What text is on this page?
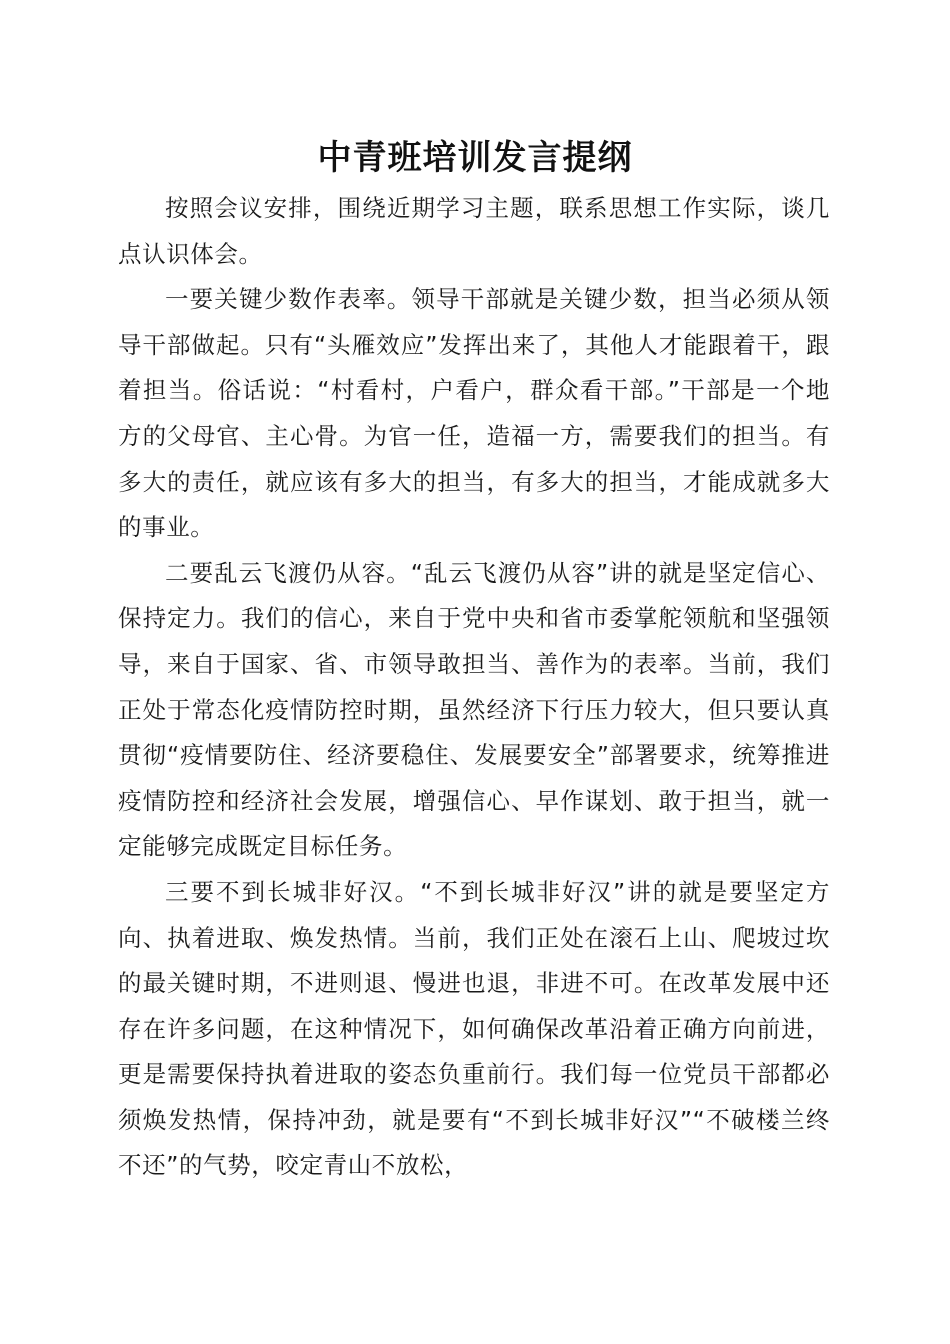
中青班培训发言提纲

按照会议安排，围绕近期学习主题，联系思想工作实际，谈几点认识体会。

一要关键少数作表率。领导干部就是关键少数，担当必须从领导干部做起。只有“头雁效应”发挥出来了，其他人才能跟着干，跟着担当。俗话说：“村看村，户看户，群众看干部。”干部是一个地方的父母官、主心骨。为官一任，造福一方，需要我们的担当。有多大的责任，就应该有多大的担当，有多大的担当，才能成就多大的事业。

二要乱云飞渡仍从容。“乱云飞渡仍从容”讲的就是坚定信心、保持定力。我们的信心，来自于党中央和省市委掌舵领航和坚强领导，来自于国家、省、市领导敢担当、善作为的表率。当前，我们正处于常态化疫情防控时期，虽然经济下行压力较大，但只要认真贯彻“疫情要防住、经济要稳住、发展要安全”部署要求，统筹推进疫情防控和经济社会发展，增强信心、早作谋划、敢于担当，就一定能够完成既定目标任务。

三要不到长城非好汉。“不到长城非好汉”讲的就是要坚定方向、执着进取、焕发热情。当前，我们正处在滚石上山、爬坡过坎的最关键时期，不进则退、慢进也退，非进不可。在改革发展中还存在许多问题，在这种情况下，如何确保改革沿着正确方向前进，更是需要保持执着进取的姿态负重前行。我们每一位党员干部都必须焕发热情，保持冲劲，就是要有“不到长城非好汉”“不破楼兰终不还”的气势，咬定青山不放松，
